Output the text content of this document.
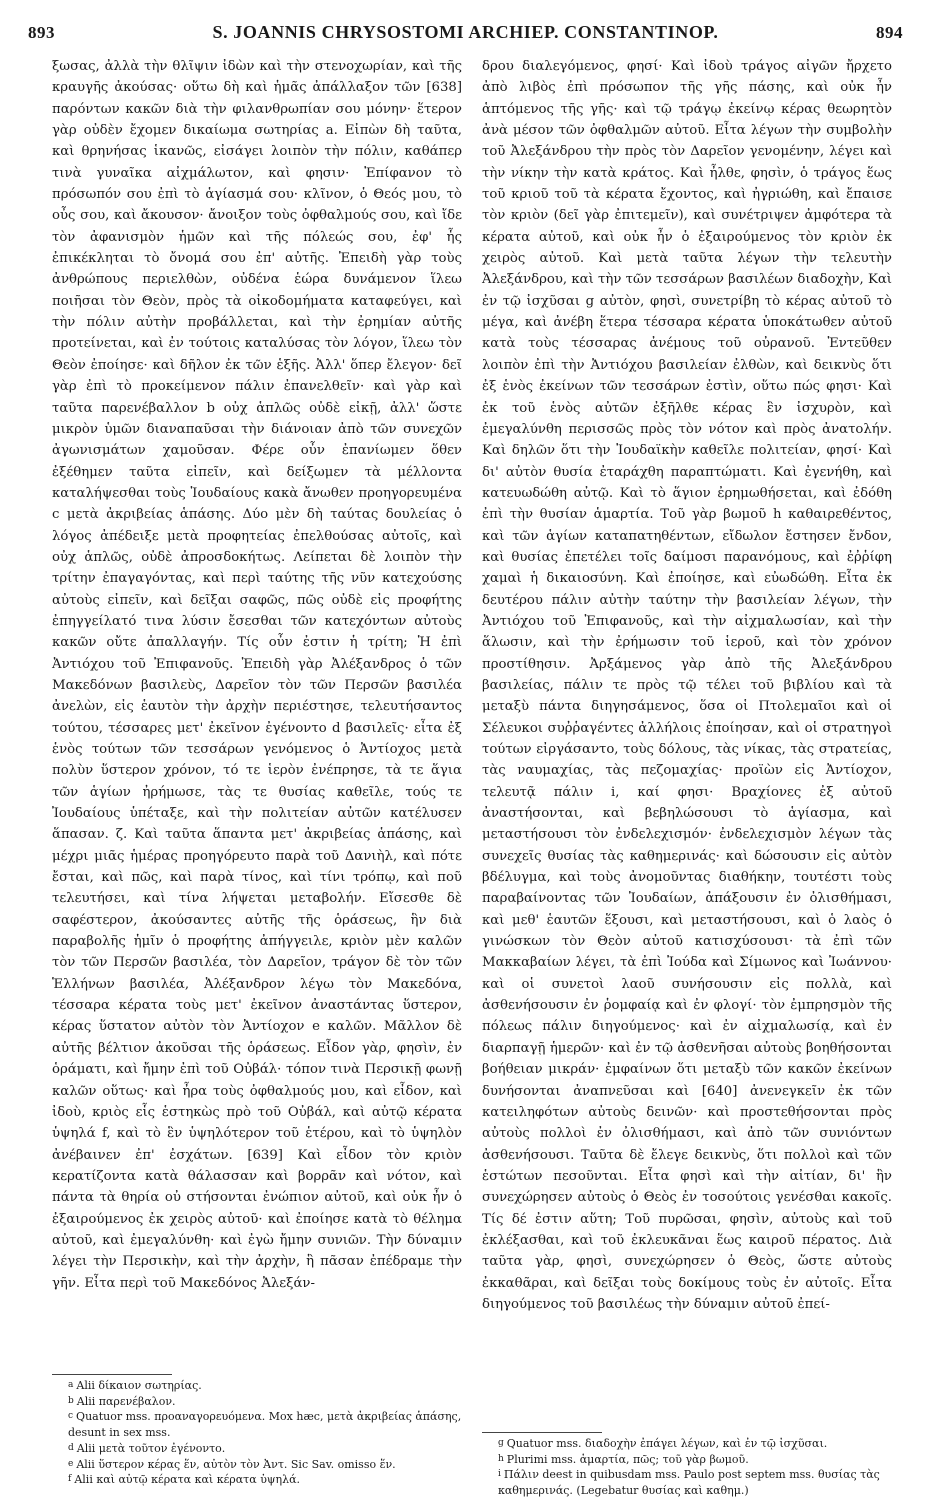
893	S. JOANNIS CHRYSOSTOMI ARCHIEP. CONSTANTINOP.	894

ξωσας, ἀλλὰ τὴν θλῖψιν ἰδὼν καὶ τὴν στενοχωρίαν, καὶ τῆς κραυγῆς ἀκούσας· οὕτω δὴ καὶ ἡμᾶς ἀπάλλαξον τῶν [638] παρόντων κακῶν διὰ τὴν φιλανθρωπίαν σου μόνην· ἕτερον γὰρ οὐδὲν ἔχομεν δικαίωμα σωτηρίας a. Εἰπὼν δὴ ταῦτα, καὶ θρηνήσας ἱκανῶς, εἰσάγει λοιπὸν τὴν πόλιν, καθάπερ τινὰ γυναῖκα αἰχμάλωτον, καὶ φησιν· Ἐπίφανον τὸ πρόσωπόν σου ἐπὶ τὸ ἁγίασμά σου· κλῖνον, ὁ Θεός μου, τὸ οὖς σου, καὶ ἄκουσον· ἄνοιξον τοὺς ὀφθαλμούς σου, καὶ ἴδε τὸν ἀφανισμὸν ἡμῶν καὶ τῆς πόλεώς σου, ἐφ' ἧς ἐπικέκληται τὸ ὄνομά σου ἐπ' αὐτῆς. Ἐπειδὴ γὰρ τοὺς ἀνθρώπους περιελθὼν, οὐδένα ἑώρα δυνάμενον ἵλεω ποιῆσαι τὸν Θεὸν, πρὸς τὰ οἰκοδομήματα καταφεύγει, καὶ τὴν πόλιν αὐτὴν προβάλλεται, καὶ τὴν ἐρημίαν αὐτῆς προτείνεται, καὶ ἐν τούτοις καταλύσας τὸν λόγον, ἵλεω τὸν Θεὸν ἐποίησε· καὶ δῆλον ἐκ τῶν ἑξῆς. Ἀλλ' ὅπερ ἔλεγον· δεῖ γὰρ ἐπὶ τὸ προκείμενον πάλιν ἐπανελθεῖν· καὶ γὰρ καὶ ταῦτα παρενέβαλλον b οὐχ ἁπλῶς οὐδὲ εἰκῇ, ἀλλ' ὥστε μικρὸν ὑμῶν διαναπαῦσαι τὴν διάνοιαν ἀπὸ τῶν συνεχῶν ἀγωνισμάτων χαμοῦσαν. Φέρε οὖν ἐπανίωμεν ὅθεν ἐξέθημεν ταῦτα εἰπεῖν, καὶ δείξωμεν τὰ μέλλοντα καταλήψεσθαι τοὺς Ἰουδαίους κακὰ ἄνωθεν προηγορευμένα c μετὰ ἀκριβείας ἁπάσης. Δύο μὲν δὴ ταύτας δουλείας ὁ λόγος ἀπέδειξε μετὰ προφητείας ἐπελθούσας αὐτοῖς, καὶ οὐχ ἁπλῶς, οὐδὲ ἀπροσδοκήτως. Λείπεται δὲ λοιπὸν τὴν τρίτην ἐπαγαγόντας, καὶ περὶ ταύτης τῆς νῦν κατεχούσης αὐτοὺς εἰπεῖν, καὶ δεῖξαι σαφῶς, πῶς οὐδὲ εἰς προφήτης ἐπηγγείλατό τινα λύσιν ἔσεσθαι τῶν κατεχόντων αὐτοὺς κακῶν οὔτε ἀπαλλαγήν. Τίς οὖν ἐστιν ἡ τρίτη; Ἡ ἐπὶ Ἀντιόχου τοῦ Ἐπιφανοῦς. Ἐπειδὴ γὰρ Ἀλέξανδρος ὁ τῶν Μακεδόνων βασιλεὺς, Δαρεῖον τὸν τῶν Περσῶν βασιλέα ἀνελὼν, εἰς ἑαυτὸν τὴν ἀρχὴν περιέστησε, τελευτήσαντος τούτου, τέσσαρες μετ' ἐκεῖνον ἐγένοντο d βασιλεῖς· εἶτα ἐξ ἑνὸς τούτων τῶν τεσσάρων γενόμενος ὁ Ἀντίοχος μετὰ πολὺν ὕστερον χρόνον, τό τε ἱερὸν ἐνέπρησε, τὰ τε ἅγια τῶν ἁγίων ἠρήμωσε, τὰς τε θυσίας καθεῖλε, τούς τε Ἰουδαίους ὑπέταξε, καὶ τὴν πολιτείαν αὐτῶν κατέλυσεν ἅπασαν. ζ. Καὶ ταῦτα ἅπαντα μετ' ἀκριβείας ἁπάσης, καὶ μέχρι μιᾶς ἡμέρας προηγόρευτο παρὰ τοῦ Δανιὴλ, καὶ πότε ἔσται, καὶ πῶς, καὶ παρὰ τίνος, καὶ τίνι τρόπῳ, καὶ ποῦ τελευτήσει, καὶ τίνα λήψεται μεταβολήν. Εἴσεσθε δὲ σαφέστερον, ἀκούσαντες αὐτῆς τῆς ὁράσεως, ἣν διὰ παραβολῆς ἡμῖν ὁ προφήτης ἀπήγγειλε, κριὸν μὲν καλῶν τὸν τῶν Περσῶν βασιλέα, τὸν Δαρεῖον, τράγον δὲ τὸν τῶν Ἑλλήνων βασιλέα, Ἀλέξανδρον λέγω τὸν Μακεδόνα, τέσσαρα κέρατα τοὺς μετ' ἐκεῖνον ἀναστάντας ὕστερον, κέρας ὕστατον αὐτὸν τὸν Ἀντίοχον e καλῶν. Μᾶλλον δὲ αὐτῆς βέλτιον ἀκοῦσαι τῆς ὁράσεως. Εἶδον γὰρ, φησὶν, ἐν ὁράματι, καὶ ἤμην ἐπὶ τοῦ Οὐβάλ· τόπον τινὰ Περσικῇ φωνῇ καλῶν οὕτως· καὶ ἦρα τοὺς ὀφθαλμούς μου, καὶ εἶδον, καὶ ἰδοὺ, κριὸς εἷς ἑστηκὼς πρὸ τοῦ Οὐβάλ, καὶ αὐτῷ κέρατα ὑψηλά f, καὶ τὸ ἓν ὑψηλότερον τοῦ ἑτέρου, καὶ τὸ ὑψηλὸν ἀνέβαινεν ἐπ' ἐσχάτων. [639] Καὶ εἶδον τὸν κριὸν κερατίζοντα κατὰ θάλασσαν καὶ βορρᾶν καὶ νότον, καὶ πάντα τὰ θηρία οὐ στήσονται ἐνώπιον αὐτοῦ, καὶ οὐκ ἦν ὁ ἐξαιρούμενος ἐκ χειρὸς αὐτοῦ· καὶ ἐποίησε κατὰ τὸ θέλημα αὐτοῦ, καὶ ἐμεγαλύνθη· καὶ ἐγὼ ἤμην συνιῶν. Τὴν δύναμιν λέγει τὴν Περσικὴν, καὶ τὴν ἀρχὴν, ἣ πᾶσαν ἐπέδραμε τὴν γῆν. Εἶτα περὶ τοῦ Μακεδόνος Ἀλεξάν-

δρου διαλεγόμενος, φησί· Καὶ ἰδοὺ τράγος αἰγῶν ἤρχετο ἀπὸ λιβὸς ἐπὶ πρόσωπον τῆς γῆς πάσης, καὶ οὐκ ἦν ἁπτόμενος τῆς γῆς· καὶ τῷ τράγῳ ἐκείνῳ κέρας θεωρητὸν ἀνὰ μέσον τῶν ὀφθαλμῶν αὐτοῦ. Εἶτα λέγων τὴν συμβολὴν τοῦ Ἀλεξάνδρου τὴν πρὸς τὸν Δαρεῖον γενομένην, λέγει καὶ τὴν νίκην τὴν κατὰ κράτος. Καὶ ἦλθε, φησὶν, ὁ τράγος ἕως τοῦ κριοῦ τοῦ τὰ κέρατα ἔχοντος, καὶ ἠγριώθη, καὶ ἔπαισε τὸν κριὸν (δεῖ γὰρ ἐπιτεμεῖν), καὶ συνέτριψεν ἀμφότερα τὰ κέρατα αὐτοῦ, καὶ οὐκ ἦν ὁ ἐξαιρούμενος τὸν κριὸν ἐκ χειρὸς αὐτοῦ. Καὶ μετὰ ταῦτα λέγων τὴν τελευτὴν Ἀλεξάνδρου, καὶ τὴν τῶν τεσσάρων βασιλέων διαδοχὴν, Καὶ ἐν τῷ ἰσχῦσαι g αὐτὸν, φησὶ, συνετρίβη τὸ κέρας αὐτοῦ τὸ μέγα, καὶ ἀνέβη ἕτερα τέσσαρα κέρατα ὑποκάτωθεν αὐτοῦ κατὰ τοὺς τέσσαρας ἀνέμους τοῦ οὐρανοῦ. Ἐντεῦθεν λοιπὸν ἐπὶ τὴν Ἀντιόχου βασιλείαν ἐλθὼν, καὶ δεικνὺς ὅτι ἐξ ἑνὸς ἐκείνων τῶν τεσσάρων ἐστὶν, οὕτω πώς φησι· Καὶ ἐκ τοῦ ἑνὸς αὐτῶν ἐξῆλθε κέρας ἓν ἰσχυρὸν, καὶ ἐμεγαλύνθη περισσῶς πρὸς τὸν νότον καὶ πρὸς ἀνατολήν. Καὶ δηλῶν ὅτι τὴν Ἰουδαϊκὴν καθεῖλε πολιτείαν, φησί· Καὶ δι' αὐτὸν θυσία ἐταράχθη παραπτώματι. Καὶ ἐγενήθη, καὶ κατευωδώθη αὐτῷ. Καὶ τὸ ἅγιον ἐρημωθήσεται, καὶ ἐδόθη ἐπὶ τὴν θυσίαν ἁμαρτία. Τοῦ γὰρ βωμοῦ h καθαιρεθέντος, καὶ τῶν ἁγίων καταπατηθέντων, εἴδωλον ἔστησεν ἔνδον, καὶ θυσίας ἐπετέλει τοῖς δαίμοσι παρανόμους, καὶ ἐῤῥίφη χαμαὶ ἡ δικαιοσύνη. Καὶ ἐποίησε, καὶ εὐωδώθη. Εἶτα ἐκ δευτέρου πάλιν αὐτὴν ταύτην τὴν βασιλείαν λέγων, τὴν Ἀντιόχου τοῦ Ἐπιφανοῦς, καὶ τὴν αἰχμαλωσίαν, καὶ τὴν ἅλωσιν, καὶ τὴν ἐρήμωσιν τοῦ ἱεροῦ, καὶ τὸν χρόνον προστίθησιν. Ἀρξάμενος γὰρ ἀπὸ τῆς Ἀλεξάνδρου βασιλείας, πάλιν τε πρὸς τῷ τέλει τοῦ βιβλίου καὶ τὰ μεταξὺ πάντα διηγησάμενος, ὅσα οἱ Πτολεμαῖοι καὶ οἱ Σέλευκοι συῤῥαγέντες ἀλλήλοις ἐποίησαν, καὶ οἱ στρατηγοὶ τούτων εἰργάσαντο, τοὺς δόλους, τὰς νίκας, τὰς στρατείας, τὰς ναυμαχίας, τὰς πεζομαχίας· προϊὼν εἰς Ἀντίοχον, τελευτᾷ πάλιν i, καί φησι· Βραχίονες ἐξ αὐτοῦ ἀναστήσονται, καὶ βεβηλώσουσι τὸ ἁγίασμα, καὶ μεταστήσουσι τὸν ἐνδελεχισμόν· ἐνδελεχισμὸν λέγων τὰς συνεχεῖς θυσίας τὰς καθημερινάς· καὶ δώσουσιν εἰς αὐτὸν βδέλυγμα, καὶ τοὺς ἀνομοῦντας διαθήκην, τουτέστι τοὺς παραβαίνοντας τῶν Ἰουδαίων, ἀπάξουσιν ἐν ὀλισθήμασι, καὶ μεθ' ἑαυτῶν ἕξουσι, καὶ μεταστήσουσι, καὶ ὁ λαὸς ὁ γινώσκων τὸν Θεὸν αὐτοῦ κατισχύσουσι· τὰ ἐπὶ τῶν Μακκαβαίων λέγει, τὰ ἐπὶ Ἰούδα καὶ Σίμωνος καὶ Ἰωάννου· καὶ οἱ συνετοὶ λαοῦ συνήσουσιν εἰς πολλὰ, καὶ ἀσθενήσουσιν ἐν ῥομφαίᾳ καὶ ἐν φλογί· τὸν ἐμπρησμὸν τῆς πόλεως πάλιν διηγούμενος· καὶ ἐν αἰχμαλωσίᾳ, καὶ ἐν διαρπαγῇ ἡμερῶν· καὶ ἐν τῷ ἀσθενῆσαι αὐτοὺς βοηθήσονται βοήθειαν μικράν· ἐμφαίνων ὅτι μεταξὺ τῶν κακῶν ἐκείνων δυνήσονται ἀναπνεῦσαι καὶ [640] ἀνενεγκεῖν ἐκ τῶν κατειληφότων αὐτοὺς δεινῶν· καὶ προστεθήσονται πρὸς αὐτοὺς πολλοὶ ἐν ὀλισθήμασι, καὶ ἀπὸ τῶν συνιόντων ἀσθενήσουσι. Ταῦτα δὲ ἔλεγε δεικνὺς, ὅτι πολλοὶ καὶ τῶν ἑστώτων πεσοῦνται. Εἶτα φησὶ καὶ τὴν αἰτίαν, δι' ἣν συνεχώρησεν αὐτοὺς ὁ Θεὸς ἐν τοσούτοις γενέσθαι κακοῖς. Τίς δέ ἐστιν αὕτη; Τοῦ πυρῶσαι, φησὶν, αὐτοὺς καὶ τοῦ ἐκλέξασθαι, καὶ τοῦ ἐκλευκᾶναι ἕως καιροῦ πέρατος. Διὰ ταῦτα γὰρ, φησὶ, συνεχώρησεν ὁ Θεὸς, ὥστε αὐτοὺς ἐκκαθᾶραι, καὶ δεῖξαι τοὺς δοκίμους τοὺς ἐν αὐτοῖς. Εἶτα διηγούμενος τοῦ βασιλέως τὴν δύναμιν αὐτοῦ ἐπεί-

a Alii δίκαιον σωτηρίας.
b Alii παρενέβαλον.
c Quatuor mss. προαναγορευόμενα. Mox hæc, μετὰ ἀκριβείας ἁπάσης, desunt in sex mss.
d Alii μετὰ τοῦτον ἐγένοντο.
e Alii ὕστερον κέρας ἕν, αὐτὸν τὸν Ἀντ. Sic Sav. omisso ἕν.
f Alii καὶ αὐτῷ κέρατα καὶ κέρατα ὑψηλά.
g Quatuor mss. διαδοχὴν ἐπάγει λέγων, καὶ ἐν τῷ ἰσχῦσαι.
h Plurimi mss. ἁμαρτία, πῶς; τοῦ γὰρ βωμοῦ.
i Πάλιν deest in quibusdam mss. Paulo post septem mss. θυσίας τὰς καθημερινάς. (Legebatur θυσίας καὶ καθημ.)
